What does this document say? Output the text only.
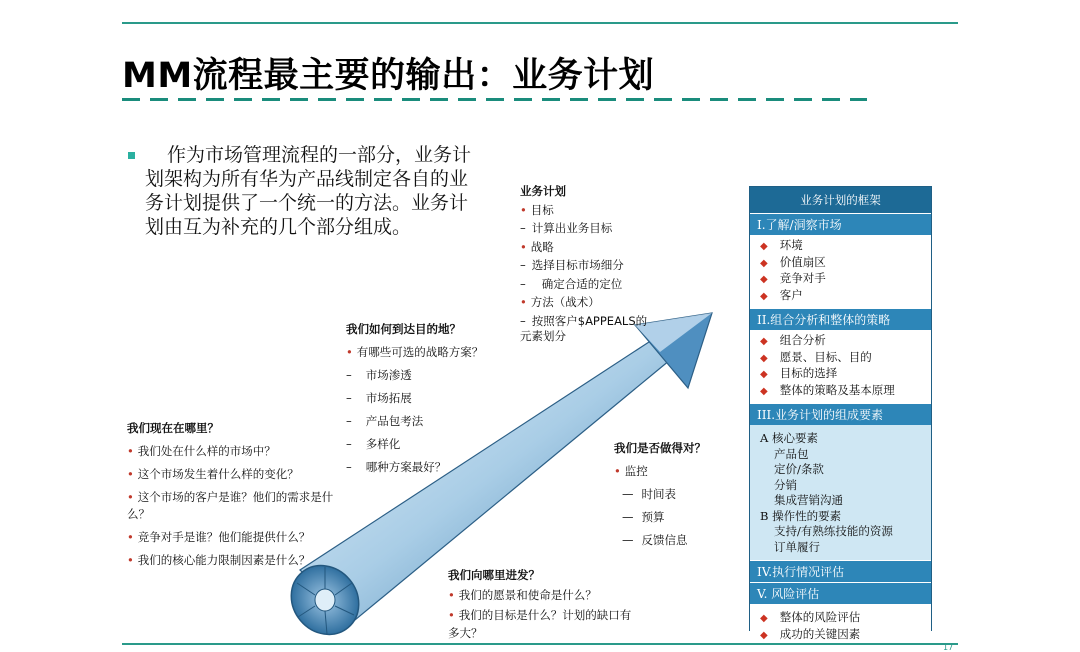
MM流程最主要的输出：业务计划
作为市场管理流程的一部分，业务计划架构为所有华为产品线制定各自的业务计划提供了一个统一的方法。业务计划由互为补充的几个部分组成。
我们现在在哪里？
• 我们处在什么样的市场中？
• 这个市场发生着什么样的变化？
• 这个市场的客户是谁？他们的需求是什么？
• 竞争对手是谁？他们能提供什么？
• 我们的核心能力限制因素是什么？
我们如何到达目的地？
• 有哪些可选的战略方案？
– 市场渗透
– 市场拓展
– 产品包考法
– 多样化
– 哪种方案最好？
业务计划
• 目标
– 计算出业务目标
• 战略
– 选择目标市场细分
– 确定合适的定位
• 方法（战术）
– 按照客户$APPEALS的
元素划分
我们是否做得对？
• 监控
— 时间表
— 预算
— 反馈信息
我们向哪里进发？
• 我们的愿景和使命是什么？
• 我们的目标是什么？计划的缺口有多大？
业务计划的框架
I.了解/洞察市场
◆ 环境
◆ 价值扇区
◆ 竞争对手
◆ 客户
II.组合分析和整体的策略
◆ 组合分析
◆ 愿景、目标、目的
◆ 目标的选择
◆ 整体的策略及基本原理
III.业务计划的组成要素
A 核心要素
产品包
定价/条款
分销
集成营销沟通
B 操作性的要素
支持/有熟练技能的资源
订单履行
IV.执行情况评估
V. 风险评估
◆ 整体的风险评估
◆ 成功的关键因素
17
